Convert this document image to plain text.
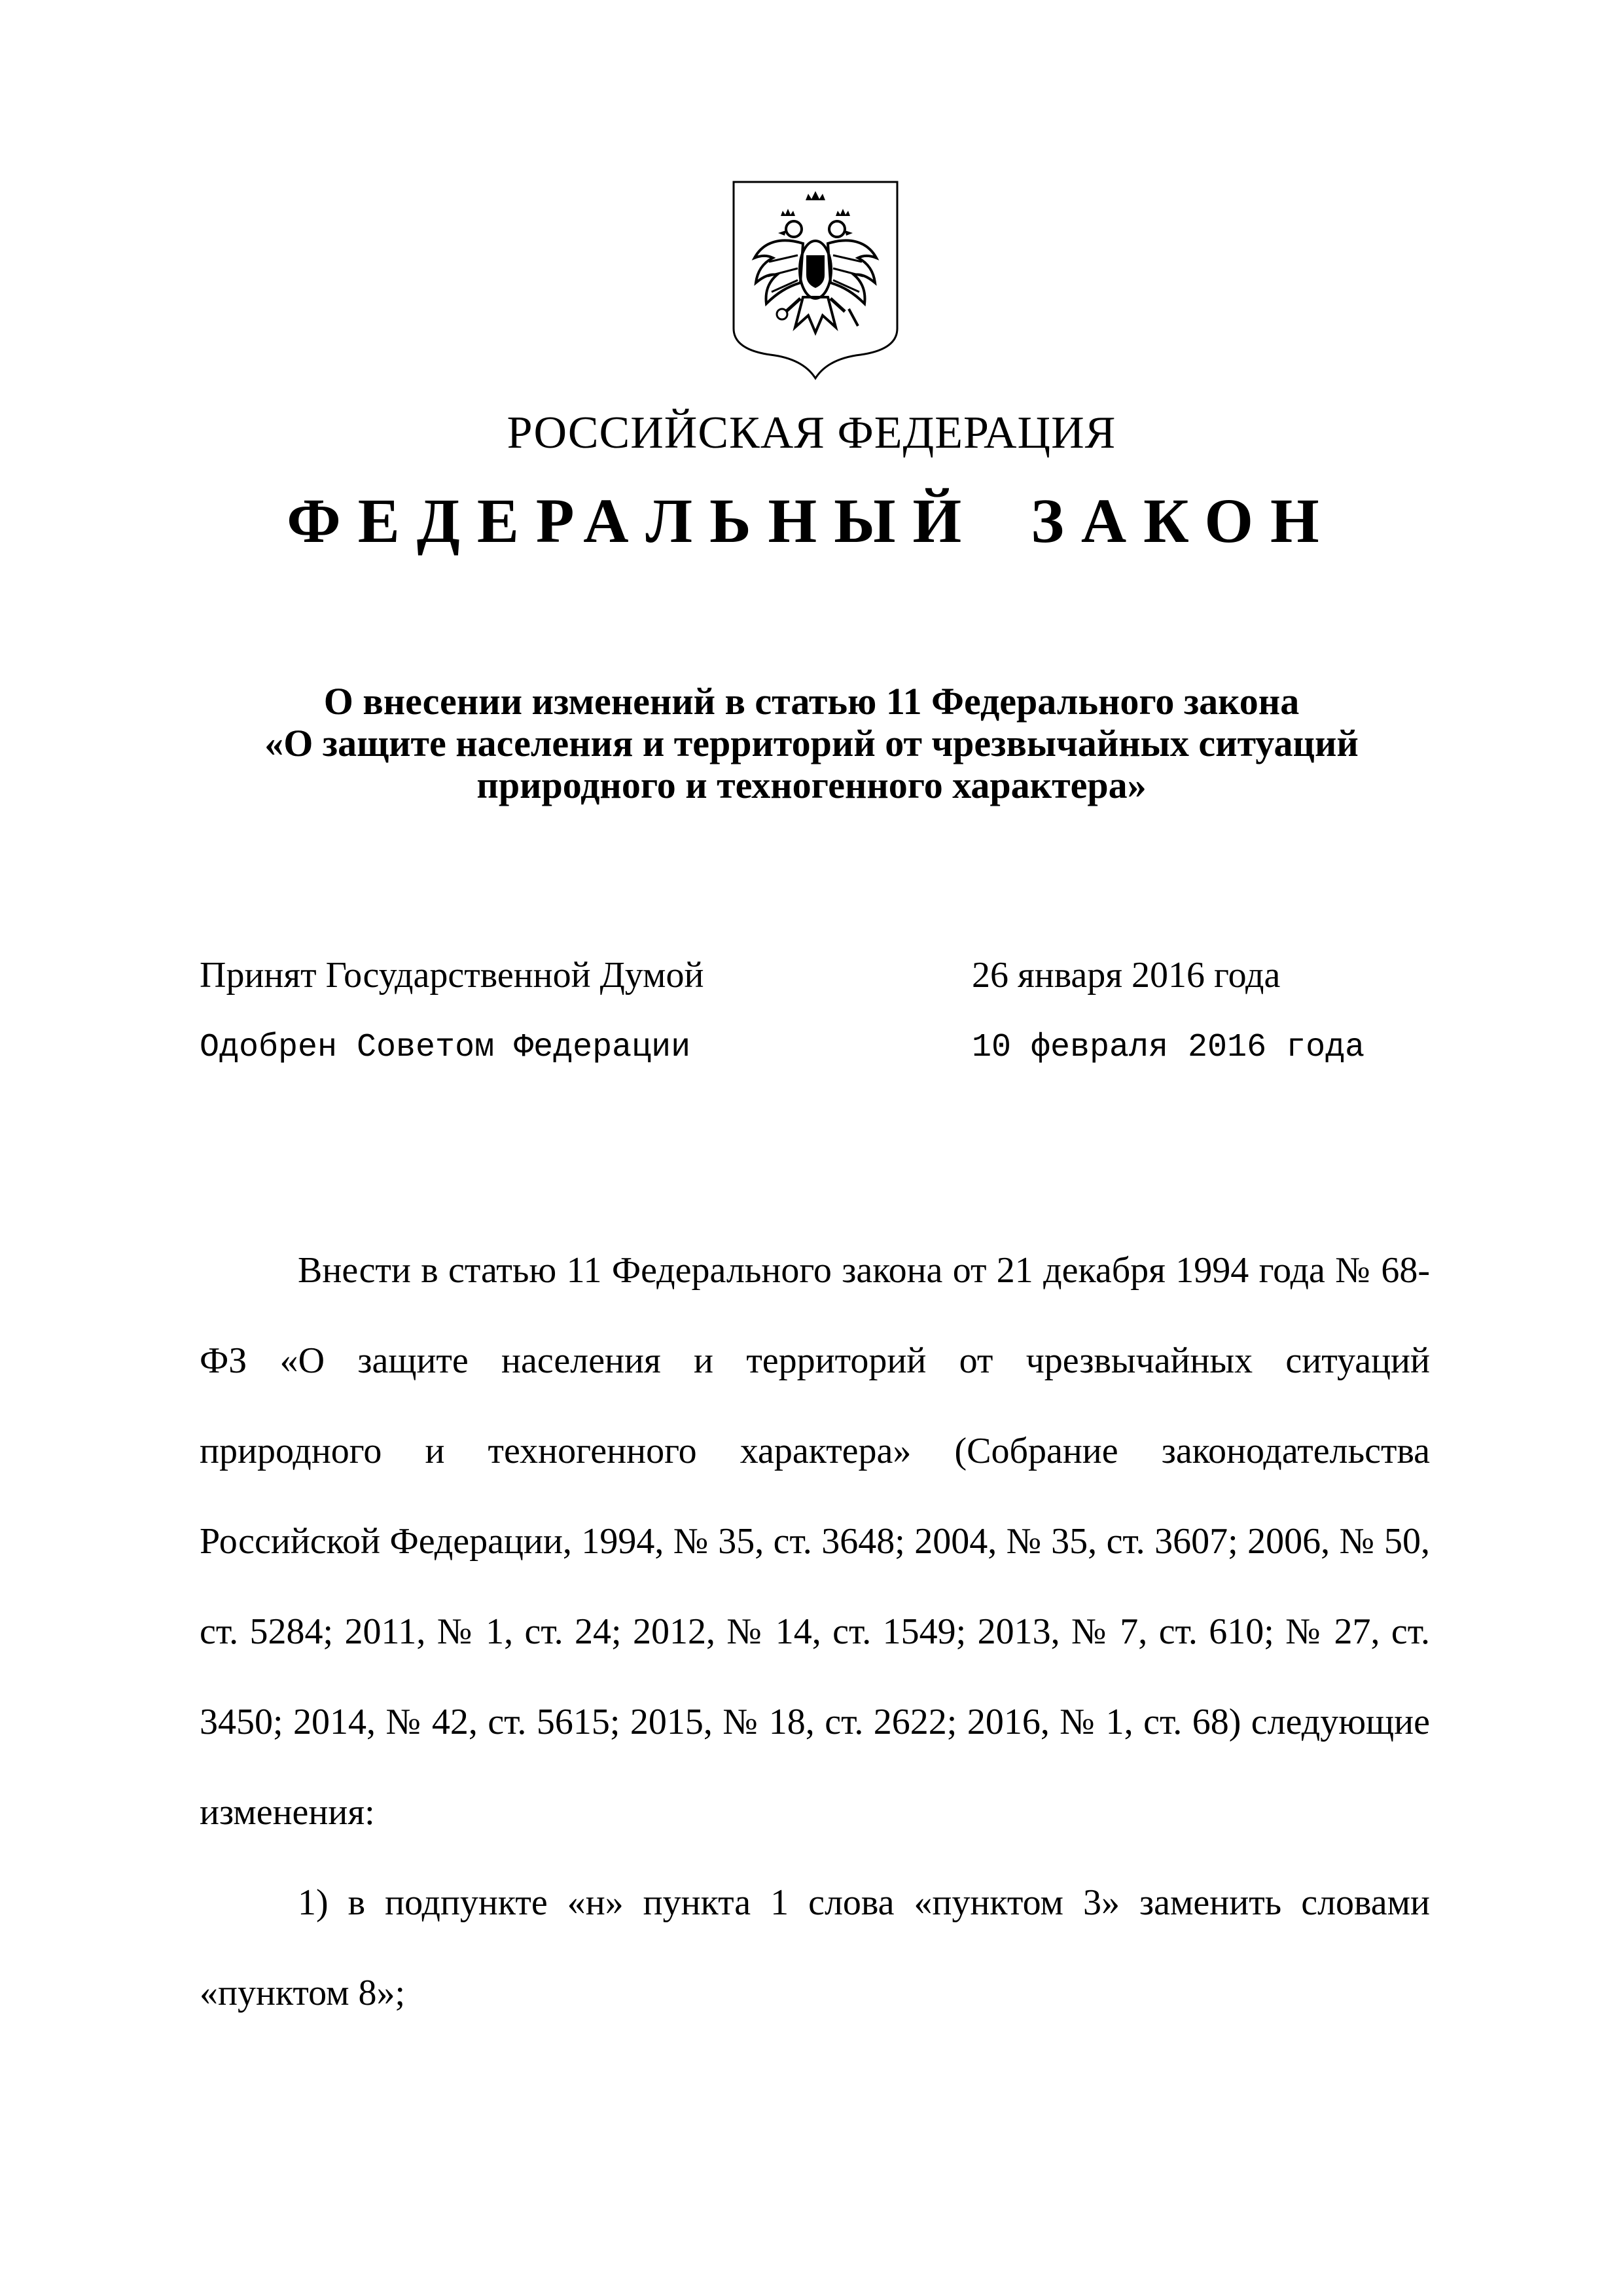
РОССИЙСКАЯ ФЕДЕРАЦИЯ
ФЕДЕРАЛЬНЫЙ ЗАКОН
О внесении изменений в статью 11 Федерального закона
«О защите населения и территорий от чрезвычайных ситуаций
природного и техногенного характера»
Принят Государственной Думой	26 января 2016 года
Одобрен Советом Федерации	10 февраля 2016 года

Внести в статью 11 Федерального закона от 21 декабря 1994 года № 68-ФЗ «О защите населения и территорий от чрезвычайных ситуаций природного и техногенного характера» (Собрание законодательства Российской Федерации, 1994, № 35, ст. 3648; 2004, № 35, ст. 3607; 2006, № 50, ст. 5284; 2011, № 1, ст. 24; 2012, № 14, ст. 1549; 2013, № 7, ст. 610; № 27, ст. 3450; 2014, № 42, ст. 5615; 2015, № 18, ст. 2622; 2016, № 1, ст. 68) следующие изменения:

1) в подпункте «н» пункта 1 слова «пунктом 3» заменить словами «пунктом 8»;
